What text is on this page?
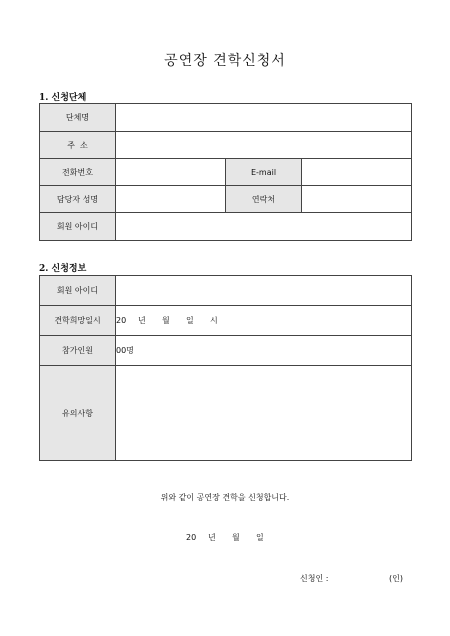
공연장 견학신청서
1. 신청단체
단체명			
주  소			
전화번호		E-mail	
담당자 성명		연락처	
회원 아이디			
2. 신청정보
회원 아이디	
견학희망일시	20 년 월 일 시
참가인원	00명
유의사항	
위와 같이 공연장 견학을 신청합니다.
20 년 월 일
신청인 :	(인)
